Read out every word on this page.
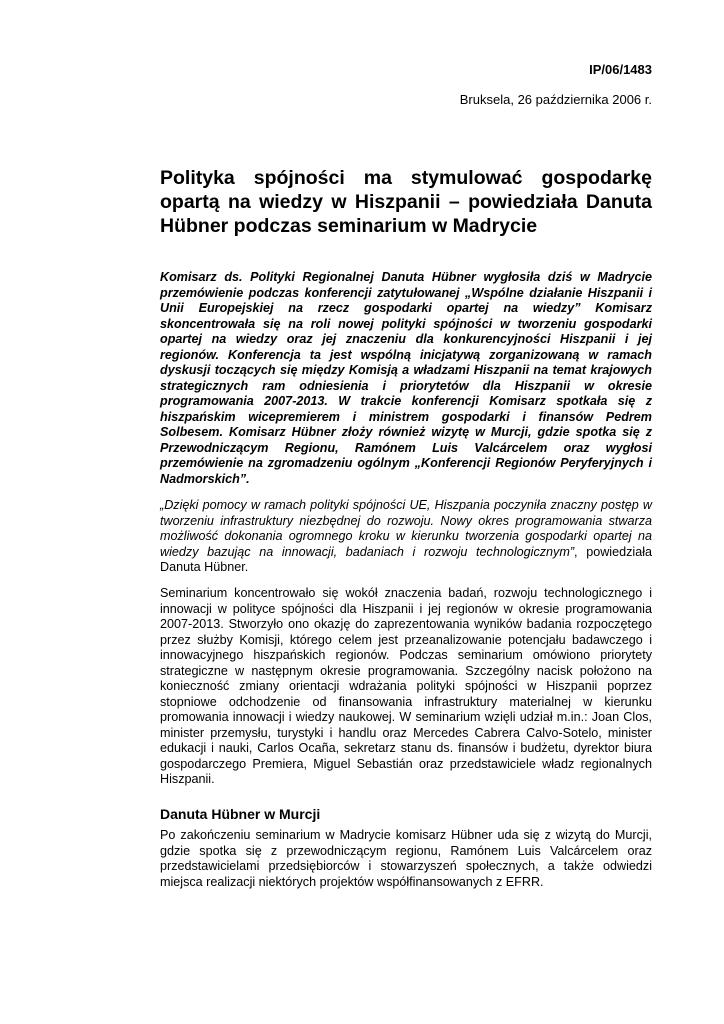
IP/06/1483
Bruksela, 26 października 2006 r.
Polityka spójności ma stymulować gospodarkę opartą na wiedzy w Hiszpanii – powiedziała Danuta Hübner podczas seminarium w Madrycie

Komisarz ds. Polityki Regionalnej Danuta Hübner wygłosiła dziś w Madrycie przemówienie podczas konferencji zatytułowanej „Wspólne działanie Hiszpanii i Unii Europejskiej na rzecz gospodarki opartej na wiedzy” Komisarz skoncentrowała się na roli nowej polityki spójności w tworzeniu gospodarki opartej na wiedzy oraz jej znaczeniu dla konkurencyjności Hiszpanii i jej regionów. Konferencja ta jest wspólną inicjatywą zorganizowaną w ramach dyskusji toczących się między Komisją a władzami Hiszpanii na temat krajowych strategicznych ram odniesienia i priorytetów dla Hiszpanii w okresie programowania 2007-2013. W trakcie konferencji Komisarz spotkała się z hiszpańskim wicepremierem i ministrem gospodarki i finansów Pedrem Solbesem. Komisarz Hübner złoży również wizytę w Murcji, gdzie spotka się z Przewodniczącym Regionu, Ramónem Luis Valcárcelem oraz wygłosi przemówienie na zgromadzeniu ogólnym „Konferencji Regionów Peryferyjnych i Nadmorskich”.

„Dzięki pomocy w ramach polityki spójności UE, Hiszpania poczyniła znaczny postęp w tworzeniu infrastruktury niezbędnej do rozwoju. Nowy okres programowania stwarza możliwość dokonania ogromnego kroku w kierunku tworzenia gospodarki opartej na wiedzy bazując na innowacji, badaniach i rozwoju technologicznym”, powiedziała Danuta Hübner.

Seminarium koncentrowało się wokół znaczenia badań, rozwoju technologicznego i innowacji w polityce spójności dla Hiszpanii i jej regionów w okresie programowania 2007-2013. Stworzyło ono okazję do zaprezentowania wyników badania rozpoczętego przez służby Komisji, którego celem jest przeanalizowanie potencjału badawczego i innowacyjnego hiszpańskich regionów. Podczas seminarium omówiono priorytety strategiczne w następnym okresie programowania. Szczególny nacisk położono na konieczność zmiany orientacji wdrażania polityki spójności w Hiszpanii poprzez stopniowe odchodzenie od finansowania infrastruktury materialnej w kierunku promowania innowacji i wiedzy naukowej. W seminarium wzięli udział m.in.: Joan Clos, minister przemysłu, turystyki i handlu oraz Mercedes Cabrera Calvo-Sotelo, minister edukacji i nauki, Carlos Ocaña, sekretarz stanu ds. finansów i budżetu, dyrektor biura gospodarczego Premiera, Miguel Sebastián oraz przedstawiciele władz regionalnych Hiszpanii.

Danuta Hübner w Murcji

Po zakończeniu seminarium w Madrycie komisarz Hübner uda się z wizytą do Murcji, gdzie spotka się z przewodniczącym regionu, Ramónem Luis Valcárcelem oraz przedstawicielami przedsiębiorców i stowarzyszeń społecznych, a także odwiedzi miejsca realizacji niektórych projektów współfinansowanych z EFRR.
